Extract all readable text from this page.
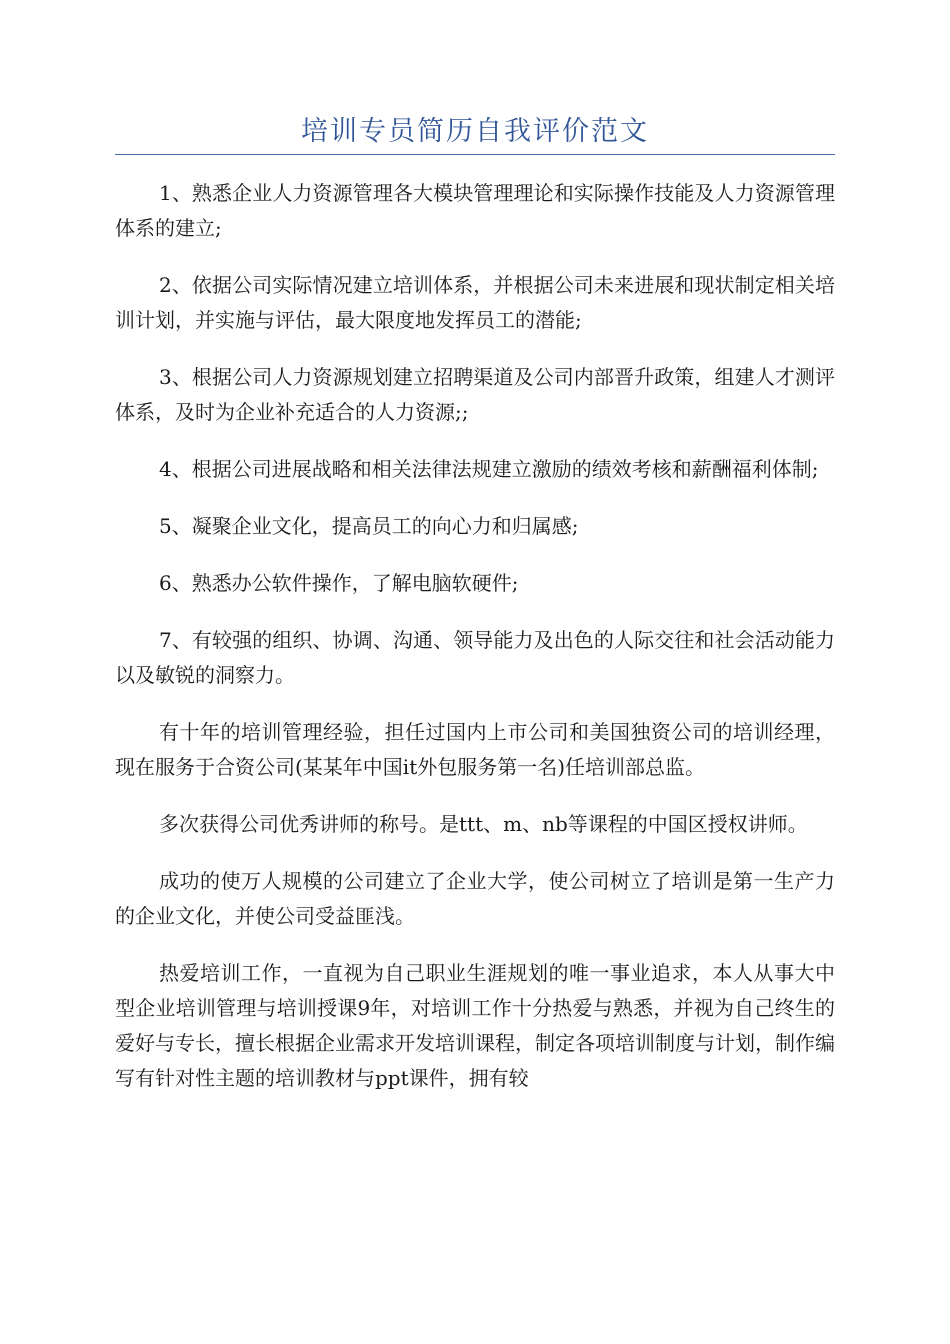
培训专员简历自我评价范文

1、熟悉企业人力资源管理各大模块管理理论和实际操作技能及人力资源管理体系的建立;

2、依据公司实际情况建立培训体系，并根据公司未来进展和现状制定相关培训计划，并实施与评估，最大限度地发挥员工的潜能;

3、根据公司人力资源规划建立招聘渠道及公司内部晋升政策，组建人才测评体系，及时为企业补充适合的人力资源;;

4、根据公司进展战略和相关法律法规建立激励的绩效考核和薪酬福利体制;

5、凝聚企业文化，提高员工的向心力和归属感;

6、熟悉办公软件操作，了解电脑软硬件;

7、有较强的组织、协调、沟通、领导能力及出色的人际交往和社会活动能力以及敏锐的洞察力。

有十年的培训管理经验，担任过国内上市公司和美国独资公司的培训经理，现在服务于合资公司(某某年中国it外包服务第一名)任培训部总监。

多次获得公司优秀讲师的称号。是ttt、m、nb等课程的中国区授权讲师。

成功的使万人规模的公司建立了企业大学，使公司树立了培训是第一生产力的企业文化，并使公司受益匪浅。

热爱培训工作，一直视为自己职业生涯规划的唯一事业追求，本人从事大中型企业培训管理与培训授课9年，对培训工作十分热爱与熟悉，并视为自己终生的爱好与专长，擅长根据企业需求开发培训课程，制定各项培训制度与计划，制作编写有针对性主题的培训教材与ppt课件，拥有较
